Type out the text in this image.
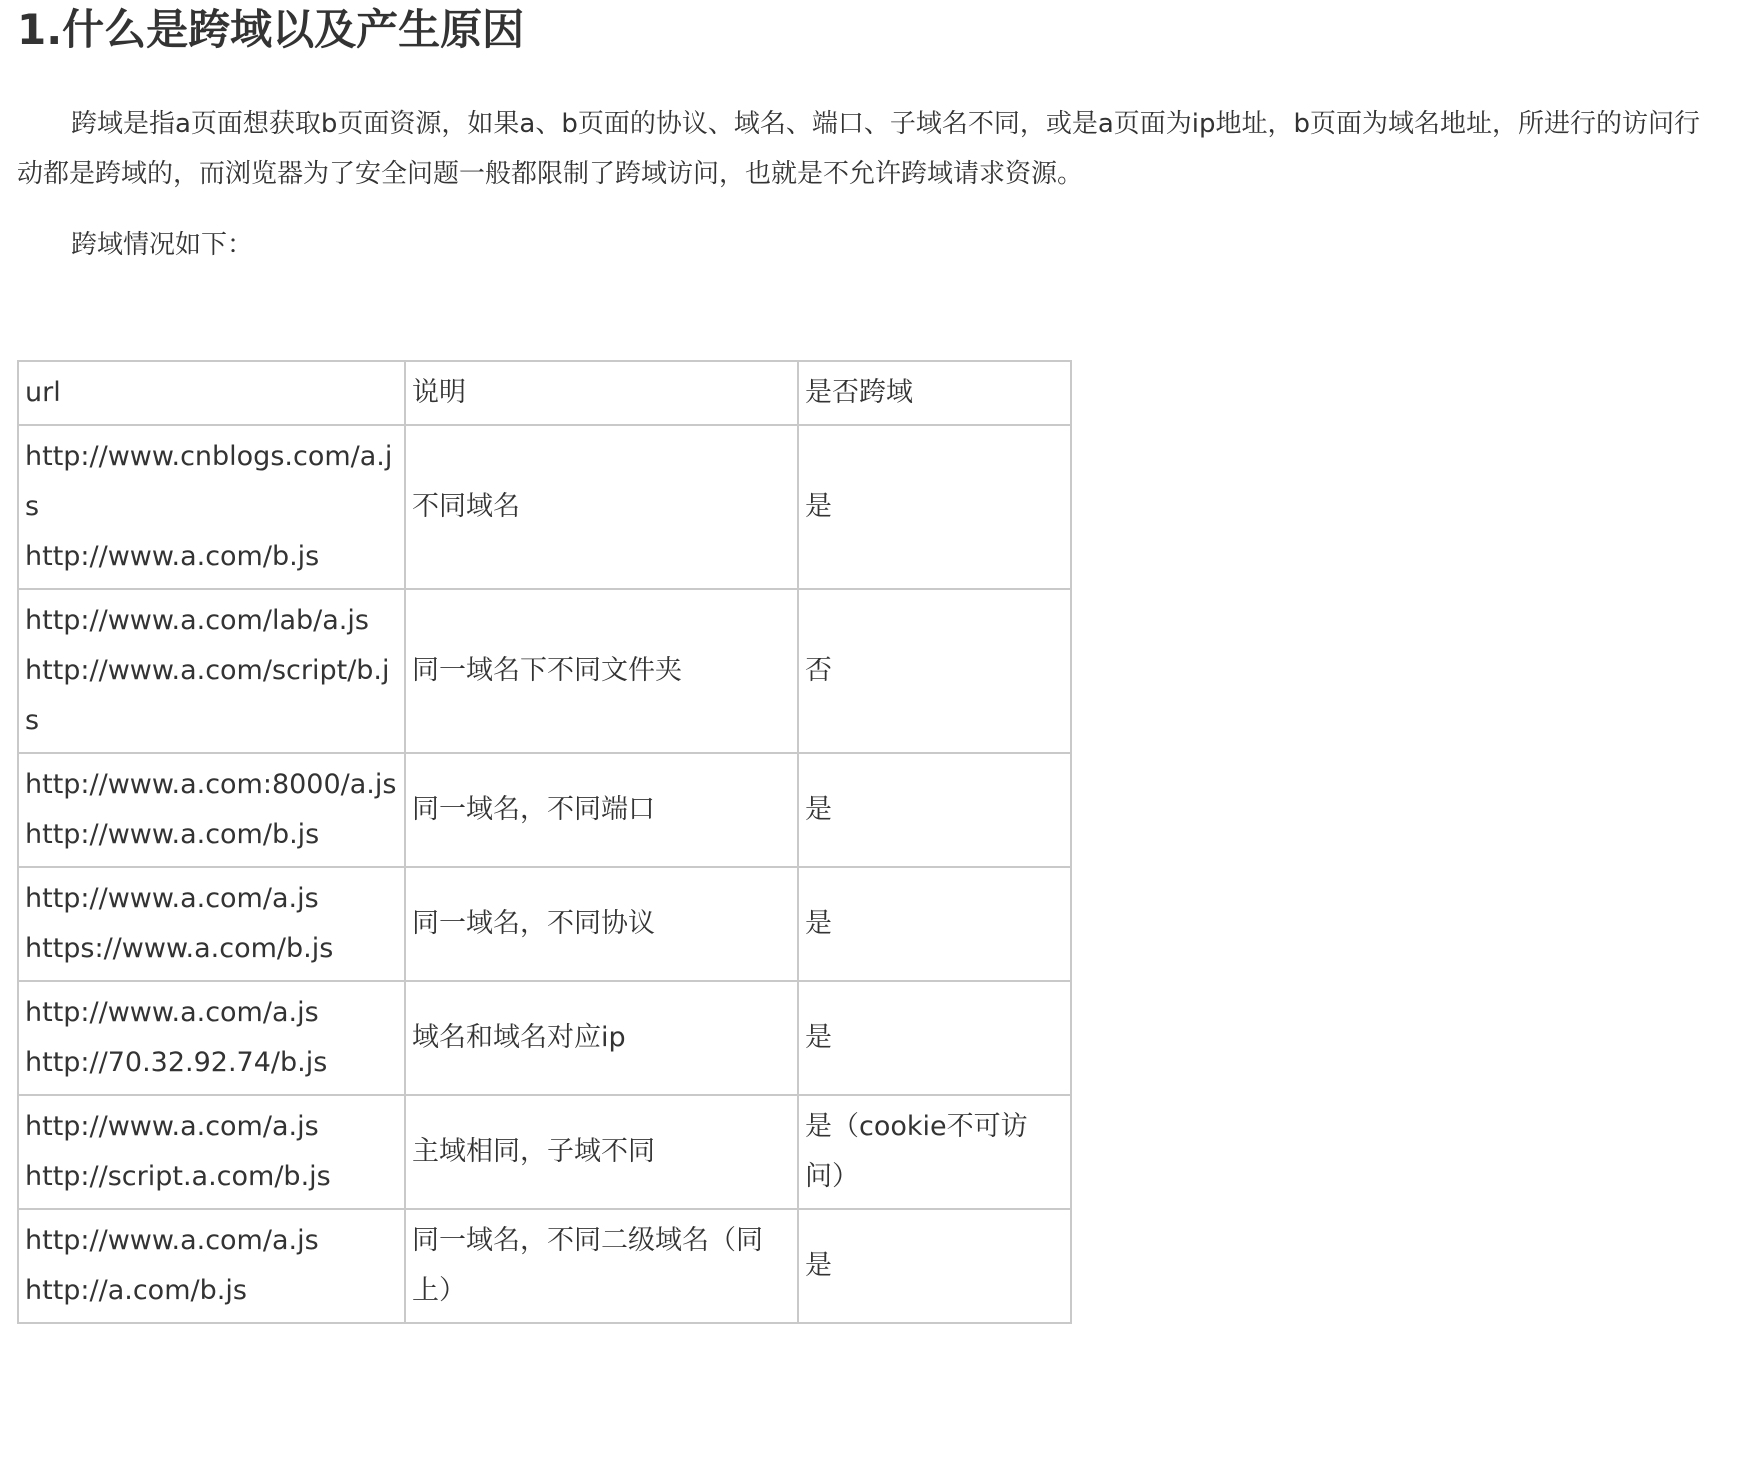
1.什么是跨域以及产生原因

跨域是指a页面想获取b页面资源，如果a、b页面的协议、域名、端口、子域名不同，或是a页面为ip地址，b页面为域名地址，所进行的访问行动都是跨域的，而浏览器为了安全问题一般都限制了跨域访问，也就是不允许跨域请求资源。

跨域情况如下：

url	说明	是否跨域

http://www.cnblogs.com/a.js
http://www.a.com/b.js	不同域名	是

http://www.a.com/lab/a.js
http://www.a.com/script/b.js	同一域名下不同文件夹	否

http://www.a.com:8000/a.js
http://www.a.com/b.js	同一域名，不同端口	是

http://www.a.com/a.js
https://www.a.com/b.js	同一域名，不同协议	是

http://www.a.com/a.js
http://70.32.92.74/b.js	域名和域名对应ip	是

http://www.a.com/a.js
http://script.a.com/b.js	主域相同，子域不同	是（cookie不可访问）

http://www.a.com/a.js
http://a.com/b.js	同一域名，不同二级域名（同上）	是
